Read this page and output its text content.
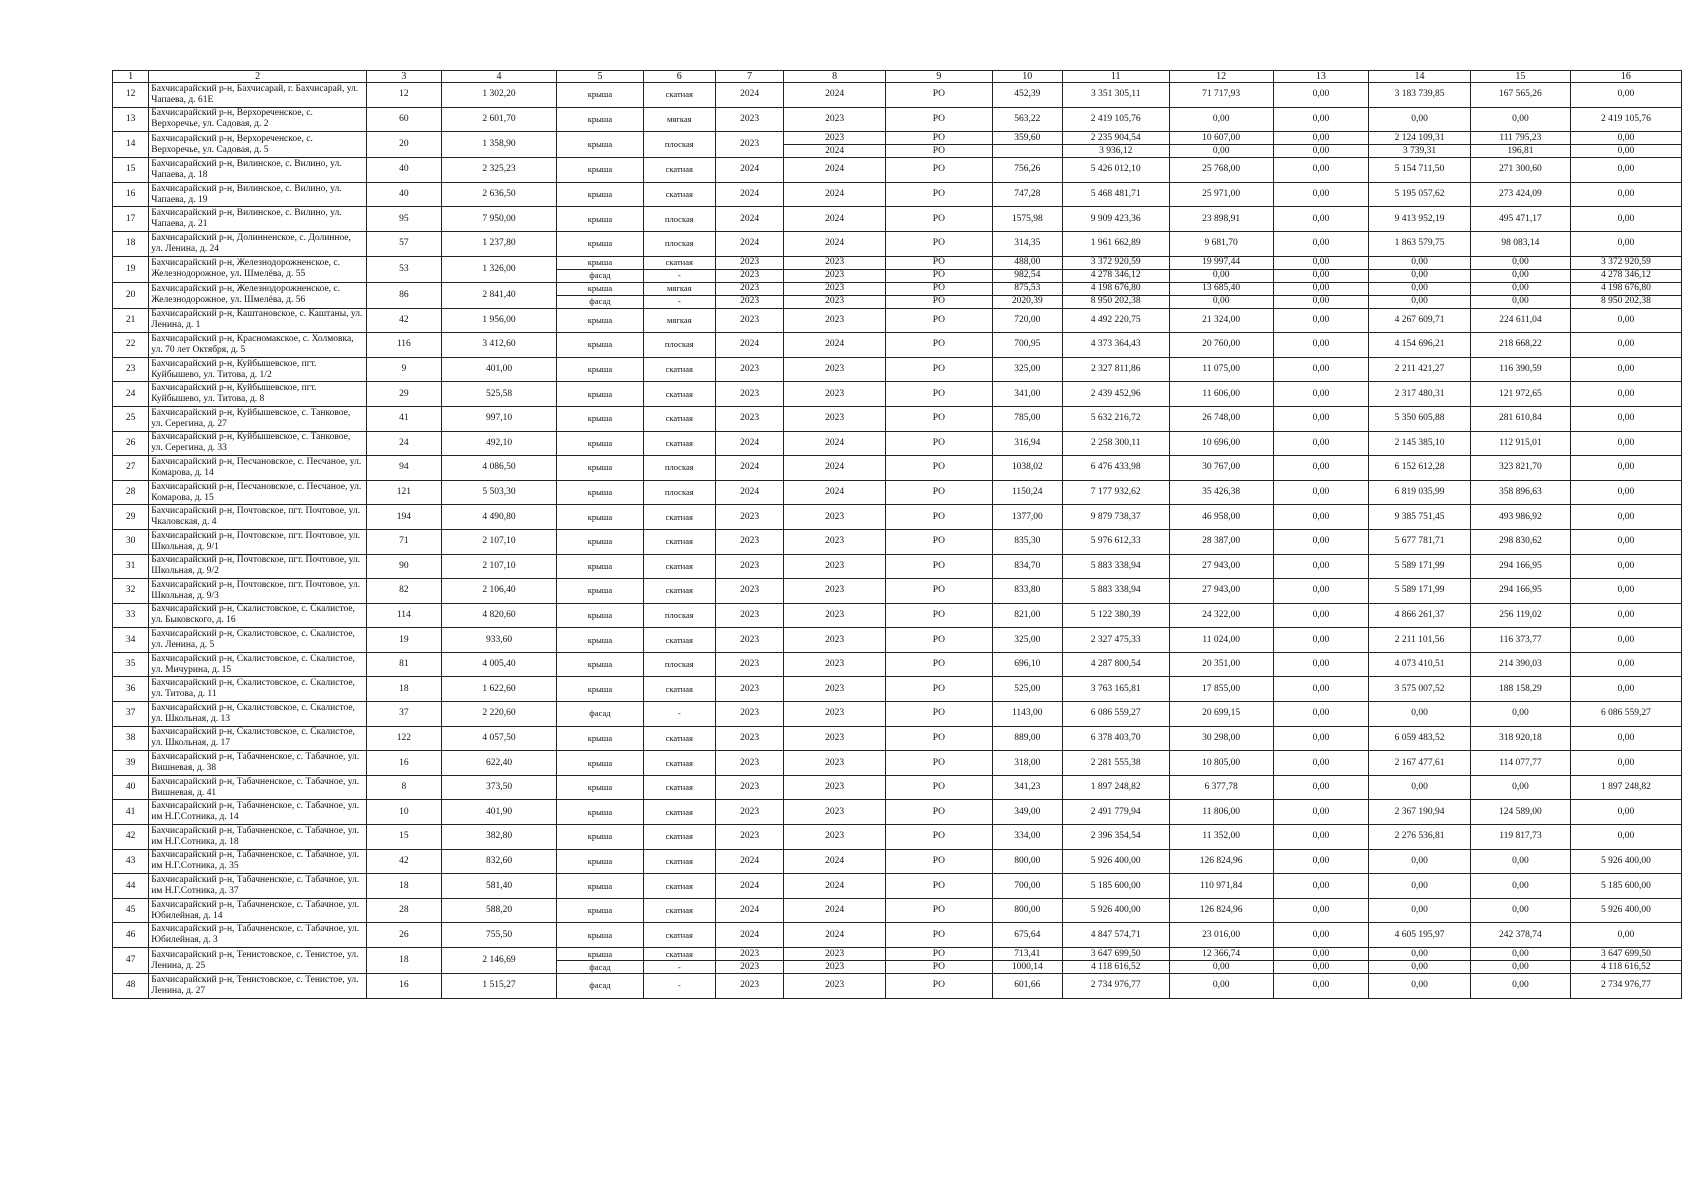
1	2	3	4	5	6	7	8	9	10	11	12	13	14	15	16
12	Бахчисарайский р-н, Бахчисарай, г. Бахчисарай, ул. Чапаева, д. 61Е	12	1 302,20	крыша	скатная	2024	2024	РО	452,39	3 351 305,11	71 717,93	0,00	3 183 739,85	167 565,26	0,00
13	Бахчисарайский р-н, Верхореченское, с. Верхоречье, ул. Садовая, д. 2	60	2 601,70	крыша	мягкая	2023	2023	РО	563,22	2 419 105,76	0,00	0,00	0,00	0,00	2 419 105,76
14	Бахчисарайский р-н, Верхореченское, с. Верхоречье, ул. Садовая, д. 5	20	1 358,90	крыша	плоская	2023	2023	РО	359,60	2 235 904,54	10 607,00	0,00	2 124 109,31	111 795,23	0,00
							2024	РО		3 936,12	0,00	0,00	3 739,31	196,81	0,00
15	Бахчисарайский р-н, Вилинское, с. Вилино, ул. Чапаева, д. 18	40	2 325,23	крыша	скатная	2024	2024	РО	756,26	5 426 012,10	25 768,00	0,00	5 154 711,50	271 300,60	0,00
16	Бахчисарайский р-н, Вилинское, с. Вилино, ул. Чапаева, д. 19	40	2 636,50	крыша	скатная	2024	2024	РО	747,28	5 468 481,71	25 971,00	0,00	5 195 057,62	273 424,09	0,00
17	Бахчисарайский р-н, Вилинское, с. Вилино, ул. Чапаева, д. 21	95	7 950,00	крыша	плоская	2024	2024	РО	1575,98	9 909 423,36	23 898,91	0,00	9 413 952,19	495 471,17	0,00
18	Бахчисарайский р-н, Долинненское, с. Долинное, ул. Ленина, д. 24	57	1 237,80	крыша	плоская	2024	2024	РО	314,35	1 961 662,89	9 681,70	0,00	1 863 579,75	98 083,14	0,00
19	Бахчисарайский р-н, Железнодорожненское, с. Железнодорожное, ул. Шмелёва, д. 55	53	1 326,00	крыша	скатная	2023	2023	РО	488,00	3 372 920,59	19 997,44	0,00	0,00	0,00	3 372 920,59
				фасад	-	2023	2023	РО	982,54	4 278 346,12	0,00	0,00	0,00	0,00	4 278 346,12
20	Бахчисарайский р-н, Железнодорожненское, с. Железнодорожное, ул. Шмелёва, д. 56	86	2 841,40	крыша	мягкая	2023	2023	РО	875,53	4 198 676,80	13 685,40	0,00	0,00	0,00	4 198 676,80
				фасад	-	2023	2023	РО	2020,39	8 950 202,38	0,00	0,00	0,00	0,00	8 950 202,38
21	Бахчисарайский р-н, Каштановское, с. Каштаны, ул. Ленина, д. 1	42	1 956,00	крыша	мягкая	2023	2023	РО	720,00	4 492 220,75	21 324,00	0,00	4 267 609,71	224 611,04	0,00
22	Бахчисарайский р-н, Красномакское, с. Холмовка, ул. 70 лет Октября, д. 5	116	3 412,60	крыша	плоская	2024	2024	РО	700,95	4 373 364,43	20 760,00	0,00	4 154 696,21	218 668,22	0,00
23	Бахчисарайский р-н, Куйбышевское, пгт. Куйбышево, ул. Титова, д. 1/2	9	401,00	крыша	скатная	2023	2023	РО	325,00	2 327 811,86	11 075,00	0,00	2 211 421,27	116 390,59	0,00
24	Бахчисарайский р-н, Куйбышевское, пгт. Куйбышево, ул. Титова, д. 8	29	525,58	крыша	скатная	2023	2023	РО	341,00	2 439 452,96	11 606,00	0,00	2 317 480,31	121 972,65	0,00
25	Бахчисарайский р-н, Куйбышевское, с. Танковое, ул. Серегина, д. 27	41	997,10	крыша	скатная	2023	2023	РО	785,00	5 632 216,72	26 748,00	0,00	5 350 605,88	281 610,84	0,00
26	Бахчисарайский р-н, Куйбышевское, с. Танковое, ул. Серегина, д. 33	24	492,10	крыша	скатная	2024	2024	РО	316,94	2 258 300,11	10 696,00	0,00	2 145 385,10	112 915,01	0,00
27	Бахчисарайский р-н, Песчановское, с. Песчаное, ул. Комарова, д. 14	94	4 086,50	крыша	плоская	2024	2024	РО	1038,02	6 476 433,98	30 767,00	0,00	6 152 612,28	323 821,70	0,00
28	Бахчисарайский р-н, Песчановское, с. Песчаное, ул. Комарова, д. 15	121	5 503,30	крыша	плоская	2024	2024	РО	1150,24	7 177 932,62	35 426,38	0,00	6 819 035,99	358 896,63	0,00
29	Бахчисарайский р-н, Почтовское, пгт. Почтовое, ул. Чкаловская, д. 4	194	4 490,80	крыша	скатная	2023	2023	РО	1377,00	9 879 738,37	46 958,00	0,00	9 385 751,45	493 986,92	0,00
30	Бахчисарайский р-н, Почтовское, пгт. Почтовое, ул. Школьная, д. 9/1	71	2 107,10	крыша	скатная	2023	2023	РО	835,30	5 976 612,33	28 387,00	0,00	5 677 781,71	298 830,62	0,00
31	Бахчисарайский р-н, Почтовское, пгт. Почтовое, ул. Школьная, д. 9/2	90	2 107,10	крыша	скатная	2023	2023	РО	834,70	5 883 338,94	27 943,00	0,00	5 589 171,99	294 166,95	0,00
32	Бахчисарайский р-н, Почтовское, пгт. Почтовое, ул. Школьная, д. 9/3	82	2 106,40	крыша	скатная	2023	2023	РО	833,80	5 883 338,94	27 943,00	0,00	5 589 171,99	294 166,95	0,00
33	Бахчисарайский р-н, Скалистовское, с. Скалистое, ул. Быковского, д. 16	114	4 820,60	крыша	плоская	2023	2023	РО	821,00	5 122 380,39	24 322,00	0,00	4 866 261,37	256 119,02	0,00
34	Бахчисарайский р-н, Скалистовское, с. Скалистое, ул. Ленина, д. 5	19	933,60	крыша	скатная	2023	2023	РО	325,00	2 327 475,33	11 024,00	0,00	2 211 101,56	116 373,77	0,00
35	Бахчисарайский р-н, Скалистовское, с. Скалистое, ул. Мичурина, д. 15	81	4 005,40	крыша	плоская	2023	2023	РО	696,10	4 287 800,54	20 351,00	0,00	4 073 410,51	214 390,03	0,00
36	Бахчисарайский р-н, Скалистовское, с. Скалистое, ул. Титова, д. 11	18	1 622,60	крыша	скатная	2023	2023	РО	525,00	3 763 165,81	17 855,00	0,00	3 575 007,52	188 158,29	0,00
37	Бахчисарайский р-н, Скалистовское, с. Скалистое, ул. Школьная, д. 13	37	2 220,60	фасад	-	2023	2023	РО	1143,00	6 086 559,27	20 699,15	0,00	0,00	0,00	6 086 559,27
38	Бахчисарайский р-н, Скалистовское, с. Скалистое, ул. Школьная, д. 17	122	4 057,50	крыша	скатная	2023	2023	РО	889,00	6 378 403,70	30 298,00	0,00	6 059 483,52	318 920,18	0,00
39	Бахчисарайский р-н, Табачненское, с. Табачное, ул. Вишневая, д. 38	16	622,40	крыша	скатная	2023	2023	РО	318,00	2 281 555,38	10 805,00	0,00	2 167 477,61	114 077,77	0,00
40	Бахчисарайский р-н, Табачненское, с. Табачное, ул. Вишневая, д. 41	8	373,50	крыша	скатная	2023	2023	РО	341,23	1 897 248,82	6 377,78	0,00	0,00	0,00	1 897 248,82
41	Бахчисарайский р-н, Табачненское, с. Табачное, ул. им Н.Г.Сотника, д. 14	10	401,90	крыша	скатная	2023	2023	РО	349,00	2 491 779,94	11 806,00	0,00	2 367 190,94	124 589,00	0,00
42	Бахчисарайский р-н, Табачненское, с. Табачное, ул. им Н.Г.Сотника, д. 18	15	382,80	крыша	скатная	2023	2023	РО	334,00	2 396 354,54	11 352,00	0,00	2 276 536,81	119 817,73	0,00
43	Бахчисарайский р-н, Табачненское, с. Табачное, ул. им Н.Г.Сотника, д. 35	42	832,60	крыша	скатная	2024	2024	РО	800,00	5 926 400,00	126 824,96	0,00	0,00	0,00	5 926 400,00
44	Бахчисарайский р-н, Табачненское, с. Табачное, ул. им Н.Г.Сотника, д. 37	18	581,40	крыша	скатная	2024	2024	РО	700,00	5 185 600,00	110 971,84	0,00	0,00	0,00	5 185 600,00
45	Бахчисарайский р-н, Табачненское, с. Табачное, ул. Юбилейная, д. 14	28	588,20	крыша	скатная	2024	2024	РО	800,00	5 926 400,00	126 824,96	0,00	0,00	0,00	5 926 400,00
46	Бахчисарайский р-н, Табачненское, с. Табачное, ул. Юбилейная, д. 3	26	755,50	крыша	скатная	2024	2024	РО	675,64	4 847 574,71	23 016,00	0,00	4 605 195,97	242 378,74	0,00
47	Бахчисарайский р-н, Тенистовское, с. Тенистое, ул. Ленина, д. 25	18	2 146,69	крыша	скатная	2023	2023	РО	713,41	3 647 699,50	12 366,74	0,00	0,00	0,00	3 647 699,50
				фасад	-	2023	2023	РО	1000,14	4 118 616,52	0,00	0,00	0,00	0,00	4 118 616,52
48	Бахчисарайский р-н, Тенистовское, с. Тенистое, ул. Ленина, д. 27	16	1 515,27	фасад	-	2023	2023	РО	601,66	2 734 976,77	0,00	0,00	0,00	0,00	2 734 976,77
